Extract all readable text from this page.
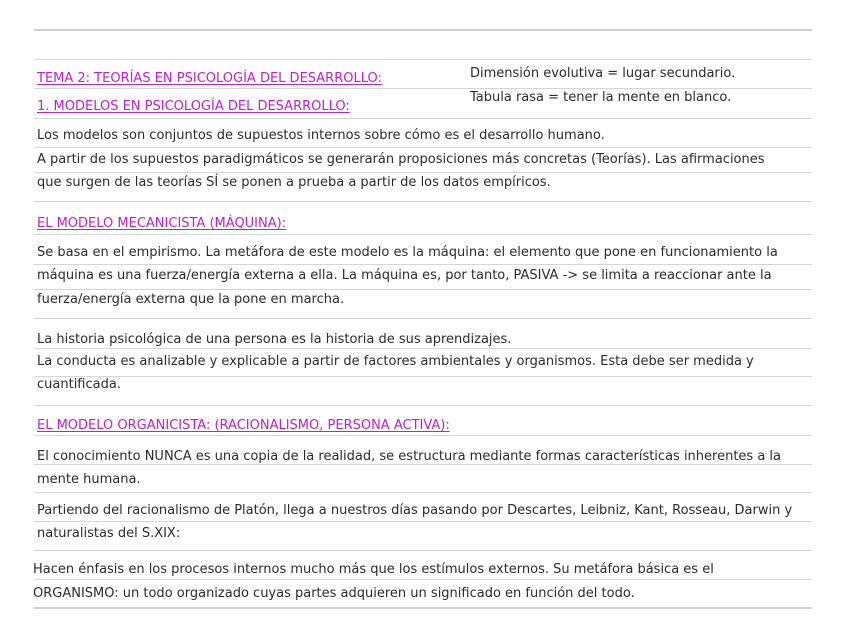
TEMA 2: TEORÍAS EN PSICOLOGÍA DEL DESARROLLO:
1. MODELOS EN PSICOLOGÍA DEL DESARROLLO:
EL MODELO MECANICISTA (MÁQUINA):
EL MODELO ORGANICISTA: (RACIONALISMO, PERSONA ACTIVA):
Dimensión evolutiva = lugar secundario.
Tabula rasa = tener la mente en blanco.
Los modelos son conjuntos de supuestos internos sobre cómo es el desarrollo humano.
A partir de los supuestos paradigmáticos se generarán proposiciones más concretas (Teorías). Las afirmaciones
que surgen de las teorías SÍ se ponen a prueba a partir de los datos empíricos.
Se basa en el empirismo. La metáfora de este modelo es la máquina: el elemento que pone en funcionamiento la
máquina es una fuerza/energía externa a ella. La máquina es, por tanto, PASIVA -> se limita a reaccionar ante la
fuerza/energía externa que la pone en marcha.
La historia psicológica de una persona es la historia de sus aprendizajes.
La conducta es analizable y explicable a partir de factores ambientales y organismos. Esta debe ser medida y
cuantificada.
El conocimiento NUNCA es una copia de la realidad, se estructura mediante formas características inherentes a la
mente humana.
Partiendo del racionalismo de Platón, llega a nuestros días pasando por Descartes, Leibniz, Kant, Rosseau, Darwin y
naturalistas del S.XIX:
Hacen énfasis en los procesos internos mucho más que los estímulos externos. Su metáfora básica es el
ORGANISMO: un todo organizado cuyas partes adquieren un significado en función del todo.
